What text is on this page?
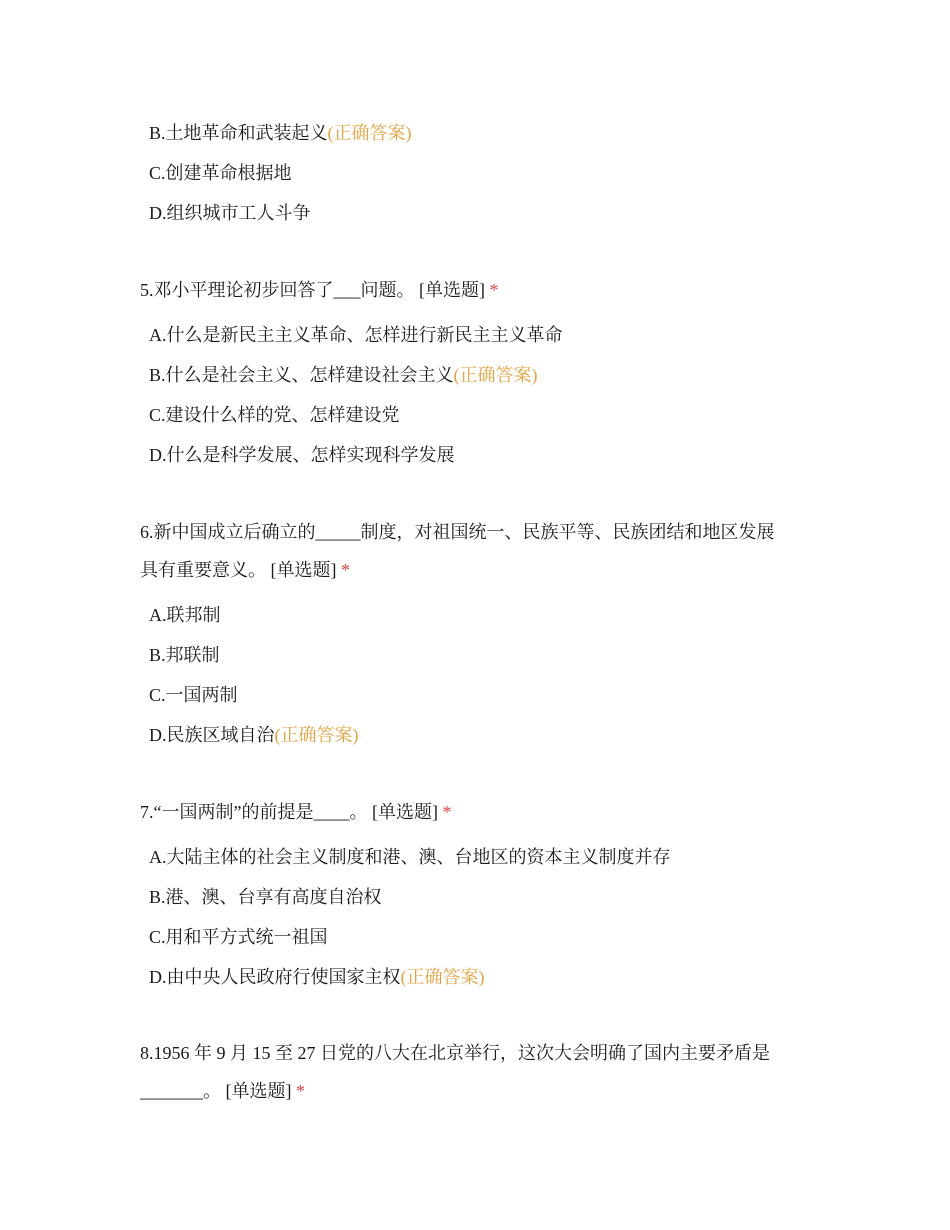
B.土地革命和武装起义(正确答案)
C.创建革命根据地
D.组织城市工人斗争
5.邓小平理论初步回答了___问题。 [单选题] *
A.什么是新民主主义革命、怎样进行新民主主义革命
B.什么是社会主义、怎样建设社会主义(正确答案)
C.建设什么样的党、怎样建设党
D.什么是科学发展、怎样实现科学发展
6.新中国成立后确立的_____制度，对祖国统一、民族平等、民族团结和地区发展
具有重要意义。 [单选题] *
A.联邦制
B.邦联制
C.一国两制
D.民族区域自治(正确答案)
7.“一国两制”的前提是____。 [单选题] *
A.大陆主体的社会主义制度和港、澳、台地区的资本主义制度并存
B.港、澳、台享有高度自治权
C.用和平方式统一祖国
D.由中央人民政府行使国家主权(正确答案)
8.1956 年 9 月 15 至 27 日党的八大在北京举行，这次大会明确了国内主要矛盾是
_______。 [单选题] *
